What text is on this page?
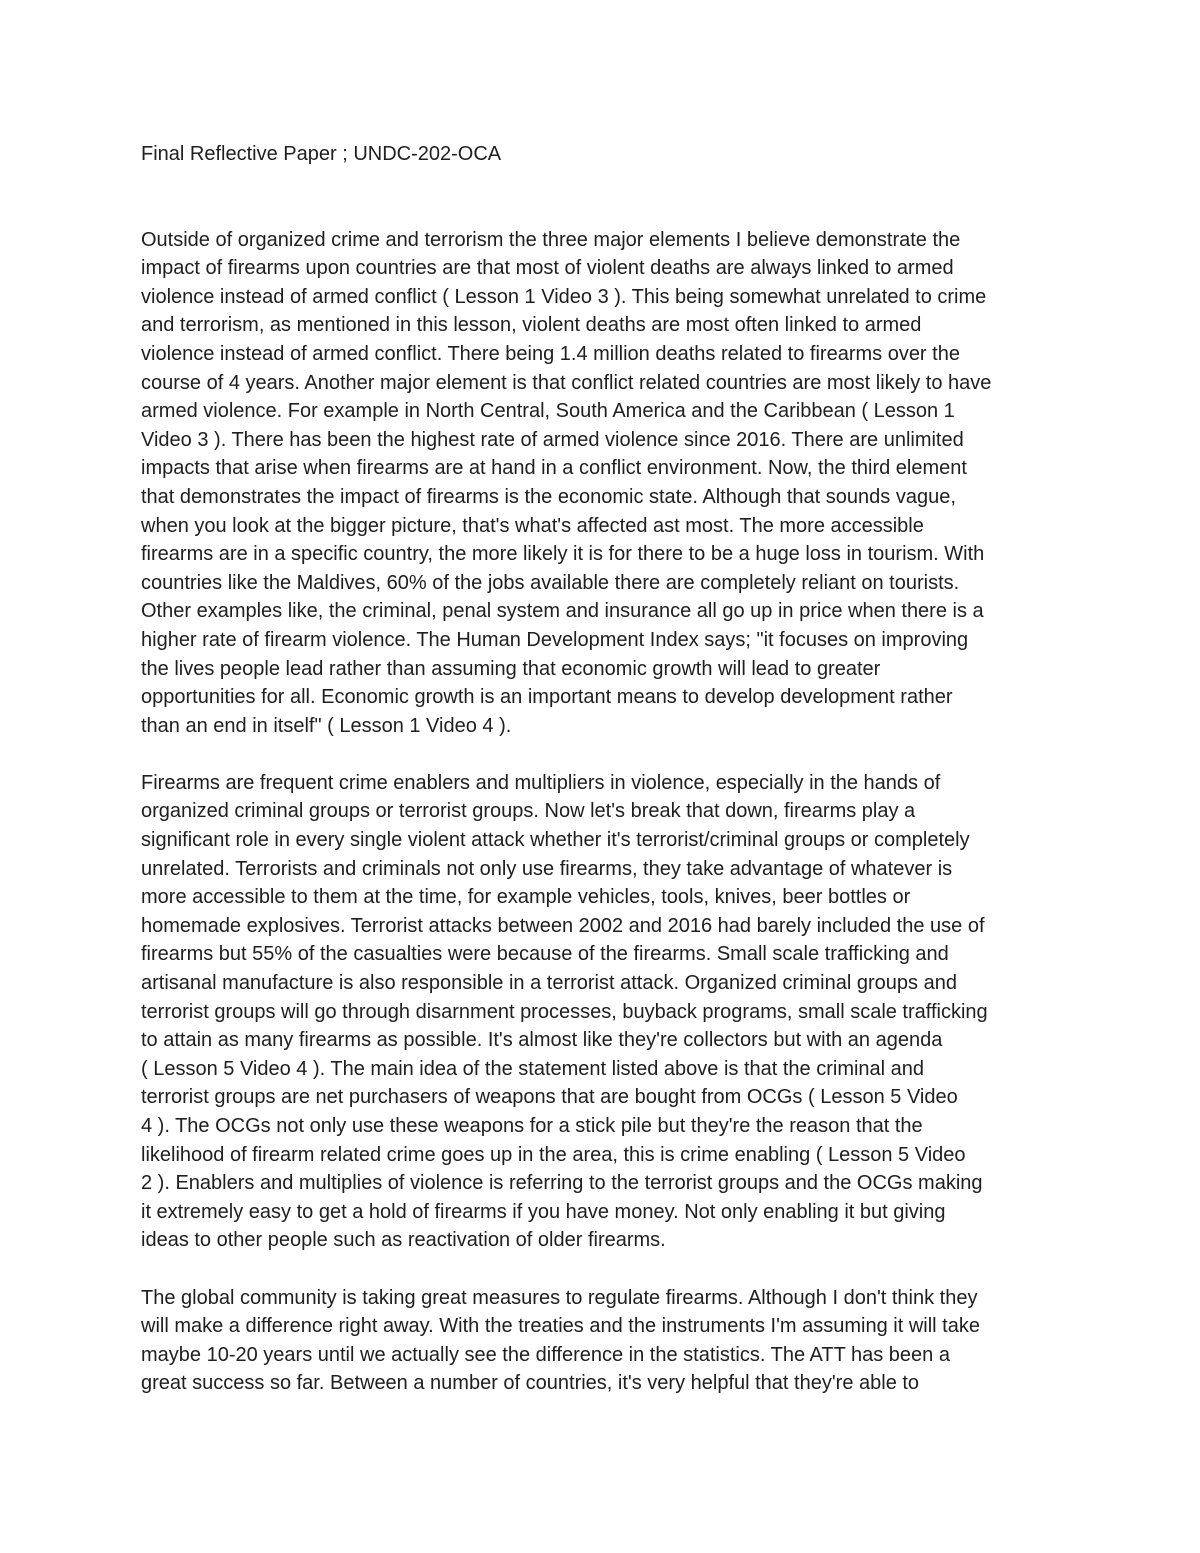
Final Reflective Paper ; UNDC-202-OCA
Outside of organized crime and terrorism the three major elements I believe demonstrate the
impact of firearms upon countries are that most of violent deaths are always linked to armed
violence instead of armed conflict ( Lesson 1 Video 3 ). This being somewhat unrelated to crime
and terrorism, as mentioned in this lesson, violent deaths are most often linked to armed
violence instead of armed conflict. There being 1.4 million deaths related to firearms over the
course of 4 years. Another major element is that conflict related countries are most likely to have
armed violence. For example in North Central, South America and the Caribbean ( Lesson 1
Video 3 ). There has been the highest rate of armed violence since 2016. There are unlimited
impacts that arise when firearms are at hand in a conflict environment. Now, the third element
that demonstrates the impact of firearms is the economic state. Although that sounds vague,
when you look at the bigger picture, that's what's affected ast most. The more accessible
firearms are in a specific country, the more likely it is for there to be a huge loss in tourism. With
countries like the Maldives, 60% of the jobs available there are completely reliant on tourists.
Other examples like, the criminal, penal system and insurance all go up in price when there is a
higher rate of firearm violence. The Human Development Index says; "it focuses on improving
the lives people lead rather than assuming that economic growth will lead to greater
opportunities for all. Economic growth is an important means to develop development rather
than an end in itself" ( Lesson 1 Video 4 ).
Firearms are frequent crime enablers and multipliers in violence, especially in the hands of
organized criminal groups or terrorist groups. Now let's break that down, firearms play a
significant role in every single violent attack whether it's terrorist/criminal groups or completely
unrelated. Terrorists and criminals not only use firearms, they take advantage of whatever is
more accessible to them at the time, for example vehicles, tools, knives, beer bottles or
homemade explosives. Terrorist attacks between 2002 and 2016 had barely included the use of
firearms but 55% of the casualties were because of the firearms. Small scale trafficking and
artisanal manufacture is also responsible in a terrorist attack. Organized criminal groups and
terrorist groups will go through disarnment processes, buyback programs, small scale trafficking
to attain as many firearms as possible. It's almost like they're collectors but with an agenda
( Lesson 5 Video 4 ). The main idea of the statement listed above is that the criminal and
terrorist groups are net purchasers of weapons that are bought from OCGs ( Lesson 5 Video
4 ). The OCGs not only use these weapons for a stick pile but they're the reason that the
likelihood of firearm related crime goes up in the area, this is crime enabling ( Lesson 5 Video
2 ). Enablers and multiplies of violence is referring to the terrorist groups and the OCGs making
it extremely easy to get a hold of firearms if you have money. Not only enabling it but giving
ideas to other people such as reactivation of older firearms.
The global community is taking great measures to regulate firearms. Although I don't think they
will make a difference right away. With the treaties and the instruments I'm assuming it will take
maybe 10-20 years until we actually see the difference in the statistics. The ATT has been a
great success so far. Between a number of countries, it's very helpful that they're able to
